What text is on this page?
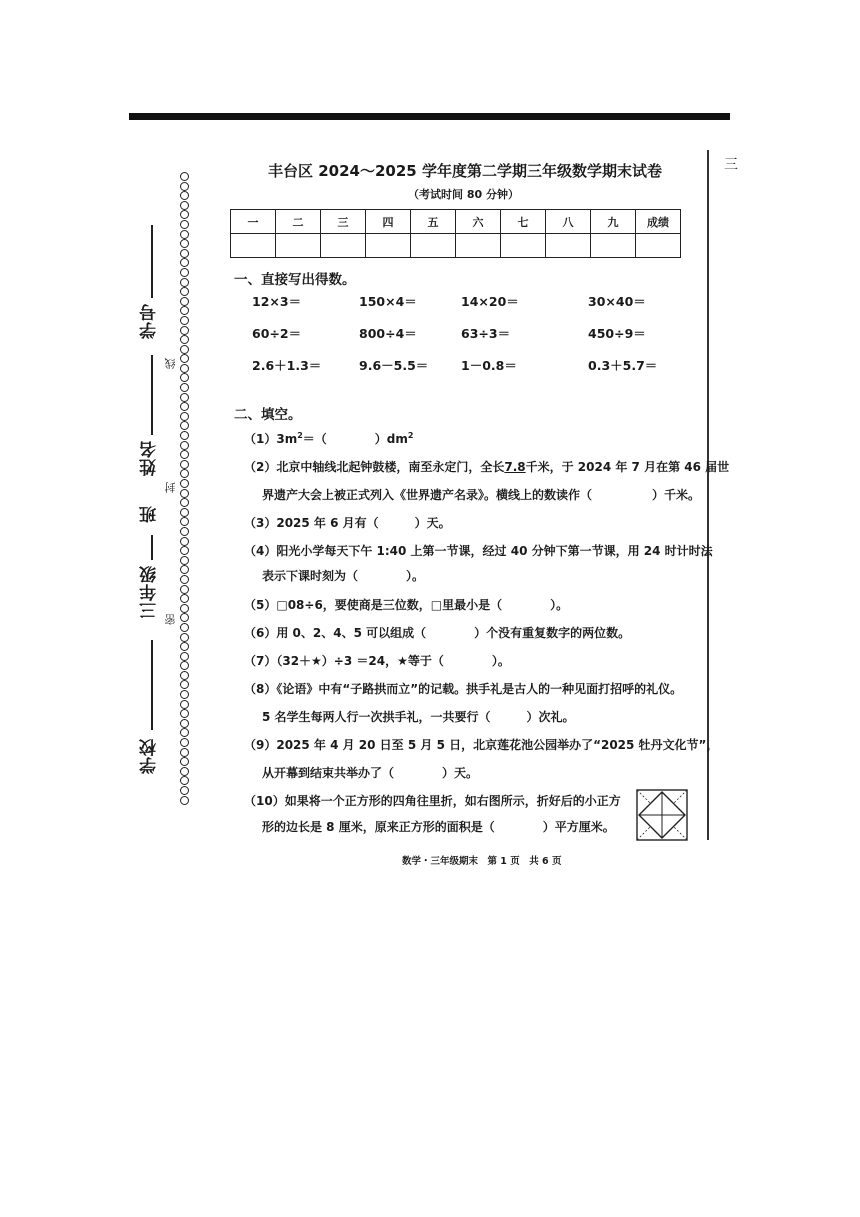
三
学校
三年级
班
姓名
学号
密
封
线
丰台区 2024～2025 学年度第二学期三年级数学期末试卷
（考试时间 80 分钟）
一	二	三	四	五	六	七	八	九	成绩

一、直接写出得数。
12×3＝	150×4＝	14×20＝	30×40＝
60÷2＝	800÷4＝	63÷3＝	450÷9＝
2.6＋1.3＝	9.6－5.5＝	1－0.8＝	0.3＋5.7＝
二、填空。
$(1)3m^2=$（　　　　）$dm^2$
（2）北京中轴线北起钟鼓楼，南至永定门，全长7.8千米，于 2024 年 7 月在第 46 届世
界遗产大会上被正式列入《世界遗产名录》。横线上的数读作（　　　　　）千米。
（3）2025 年 6 月有（　　　）天。
（4）阳光小学每天下午 1:40 上第一节课，经过 40 分钟下第一节课，用 24 时计时法
表示下课时刻为（　　　　）。
（5）□08÷6，要使商是三位数，□里最小是（　　　　）。
（6）用 0、2、4、5 可以组成（　　　　）个没有重复数字的两位数。
（7）（32＋★）÷3 ＝24，★等于（　　　　）。
（8）《论语》中有“子路拱而立”的记载。拱手礼是古人的一种见面打招呼的礼仪。
5 名学生每两人行一次拱手礼，一共要行（　　　）次礼。
（9）2025 年 4 月 20 日至 5 月 5 日，北京莲花池公园举办了“2025 牡丹文化节”，
从开幕到结束共举办了（　　　　）天。
（10）如果将一个正方形的四角往里折，如右图所示，折好后的小正方
形的边长是 8 厘米，原来正方形的面积是（　　　　）平方厘米。
数学・三年级期末　第 1 页　共 6 页
